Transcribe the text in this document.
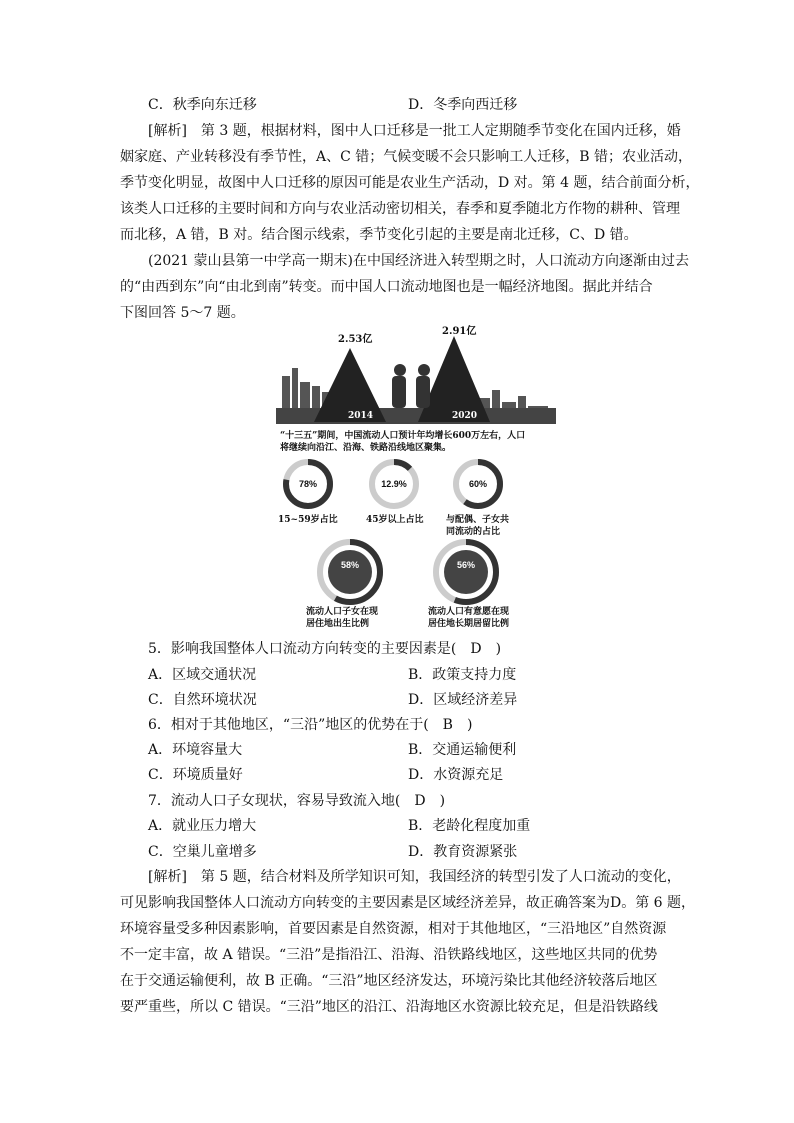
C．秋季向东迁移	D．冬季向西迁移
[解析]　第 3 题，根据材料，图中人口迁移是一批工人定期随季节变化在国内迁移，婚
姻家庭、产业转移没有季节性，A、C 错；气候变暖不会只影响工人迁移，B 错；农业活动，
季节变化明显，故图中人口迁移的原因可能是农业生产活动，D 对。第 4 题，结合前面分析，
该类人口迁移的主要时间和方向与农业活动密切相关，春季和夏季随北方作物的耕种、管理
而北移，A 错，B 对。结合图示线索，季节变化引起的主要是南北迁移，C、D 错。
(2021 蒙山县第一中学高一期末)在中国经济进入转型期之时，人口流动方向逐渐由过去
的“由西到东”向“由北到南”转变。而中国人口流动地图也是一幅经济地图。据此并结合
下图回答 5～7 题。
2.53亿
2.91亿
2014	2020
“十三五”期间，中国流动人口预计年均增长600万左右，人口
将继续向沿江、沿海、铁路沿线地区聚集。
78%	12.9%	60%
58%	56%
15~59岁占比	45岁以上占比 与配偶、子女共
同流动的占比
流动人口子女在现
居住地出生比例
流动人口有意愿在现
居住地长期居留比例
5．影响我国整体人口流动方向转变的主要因素是(　D　)
A．区域交通状况	B．政策支持力度
C．自然环境状况	D．区域经济差异
6．相对于其他地区，“三沿”地区的优势在于(　B　)
A．环境容量大	B．交通运输便利
C．环境质量好	D．水资源充足
7．流动人口子女现状，容易导致流入地(　D　)
A．就业压力增大	B．老龄化程度加重
C．空巢儿童增多	D．教育资源紧张
[解析]　第 5 题，结合材料及所学知识可知，我国经济的转型引发了人口流动的变化，
可见影响我国整体人口流动方向转变的主要因素是区域经济差异，故正确答案为D。第 6 题，
环境容量受多种因素影响，首要因素是自然资源，相对于其他地区，“三沿地区”自然资源
不一定丰富，故 A 错误。“三沿”是指沿江、沿海、沿铁路线地区，这些地区共同的优势
在于交通运输便利，故 B 正确。“三沿”地区经济发达，环境污染比其他经济较落后地区
要严重些，所以 C 错误。“三沿”地区的沿江、沿海地区水资源比较充足，但是沿铁路线
